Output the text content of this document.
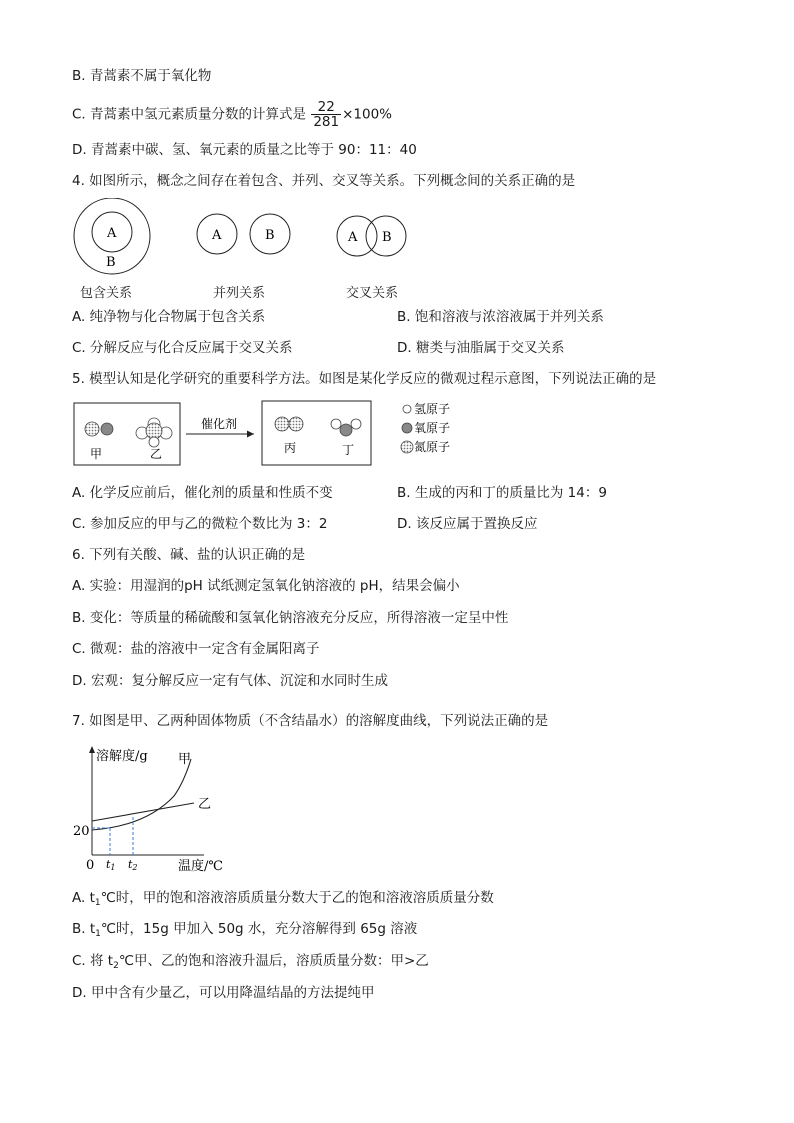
B. 青蒿素不属于氧化物
C. 青蒿素中氢元素质量分数的计算式是 $\frac{22}{281} \times 100\%$
D. 青蒿素中碳、氢、氧元素的质量之比等于 90：11：40
4. 如图所示，概念之间存在着包含、并列、交叉等关系。下列概念间的关系正确的是
A
B
A	B	A B
包含关系	并列关系	交叉关系
A. 纯净物与化合物属于包含关系	B. 饱和溶液与浓溶液属于并列关系
C. 分解反应与化合反应属于交叉关系	D. 糖类与油脂属于交叉关系
5. 模型认知是化学研究的重要科学方法。如图是某化学反应的微观过程示意图，下列说法正确的是
甲	乙
催化剂
丙	丁
氢原子
氧原子
氮原子
A. 化学反应前后，催化剂的质量和性质不变	B. 生成的丙和丁的质量比为 14：9
C. 参加反应的甲与乙的微粒个数比为 3：2	D. 该反应属于置换反应
6. 下列有关酸、碱、盐的认识正确的是
A. 实验：用湿润的pH 试纸测定氢氧化钠溶液的 pH，结果会偏小
B. 变化：等质量的稀硫酸和氢氧化钠溶液充分反应，所得溶液一定呈中性
C. 微观：盐的溶液中一定含有金属阳离子
D. 宏观：复分解反应一定有气体、沉淀和水同时生成
7. 如图是甲、乙两种固体物质（不含结晶水）的溶解度曲线，下列说法正确的是
溶解度/g
温度/℃
0
20
甲
乙
t1 t2
A. $t_1℃$时，甲的饱和溶液溶质质量分数大于乙的饱和溶液溶质质量分数
B. $t_1℃$时，15g 甲加入 50g 水，充分溶解得到 65g 溶液
C. 将 $t_2℃$甲、乙的饱和溶液升温后，溶质质量分数：甲>乙
D. 甲中含有少量乙，可以用降温结晶的方法提纯甲
